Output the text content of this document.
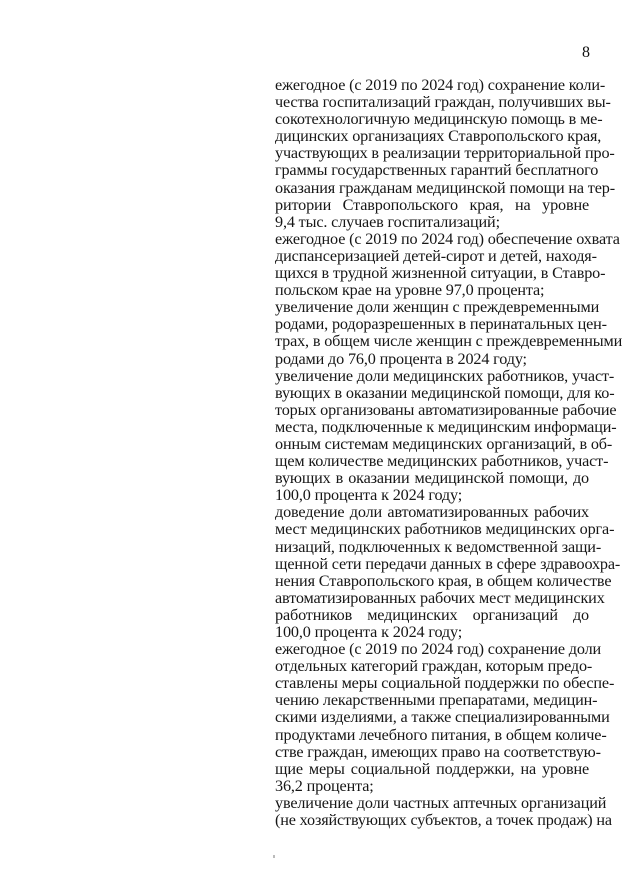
8
ежегодное (с 2019 по 2024 год) сохранение коли-
чества госпитализаций граждан, получивших вы-
сокотехнологичную медицинскую помощь в ме-
дицинских организациях Ставропольского края,
участвующих в реализации территориальной про-
граммы государственных гарантий бесплатного
оказания гражданам медицинской помощи на тер-
ритории Ставропольского края, на уровне
9,4 тыс. случаев госпитализаций;
ежегодное (с 2019 по 2024 год) обеспечение охвата
диспансеризацией детей-сирот и детей, находя-
щихся в трудной жизненной ситуации, в Ставро-
польском крае на уровне 97,0 процента;
увеличение доли женщин с преждевременными
родами, родоразрешенных в перинатальных цен-
трах, в общем числе женщин с преждевременными
родами до 76,0 процента в 2024 году;
увеличение доли медицинских работников, участ-
вующих в оказании медицинской помощи, для ко-
торых организованы автоматизированные рабочие
места, подключенные к медицинским информаци-
онным системам медицинских организаций, в об-
щем количестве медицинских работников, участ-
вующих в оказании медицинской помощи, до
100,0 процента к 2024 году;
доведение доли автоматизированных рабочих
мест медицинских работников медицинских орга-
низаций, подключенных к ведомственной защи-
щенной сети передачи данных в сфере здравоохра-
нения Ставропольского края, в общем количестве
автоматизированных рабочих мест медицинских
работников медицинских организаций до
100,0 процента к 2024 году;
ежегодное (с 2019 по 2024 год) сохранение доли
отдельных категорий граждан, которым предо-
ставлены меры социальной поддержки по обеспе-
чению лекарственными препаратами, медицин-
скими изделиями, а также специализированными
продуктами лечебного питания, в общем количе-
стве граждан, имеющих право на соответствую-
щие меры социальной поддержки, на уровне
36,2 процента;
увеличение доли частных аптечных организаций
(не хозяйствующих субъектов, а точек продаж) на
